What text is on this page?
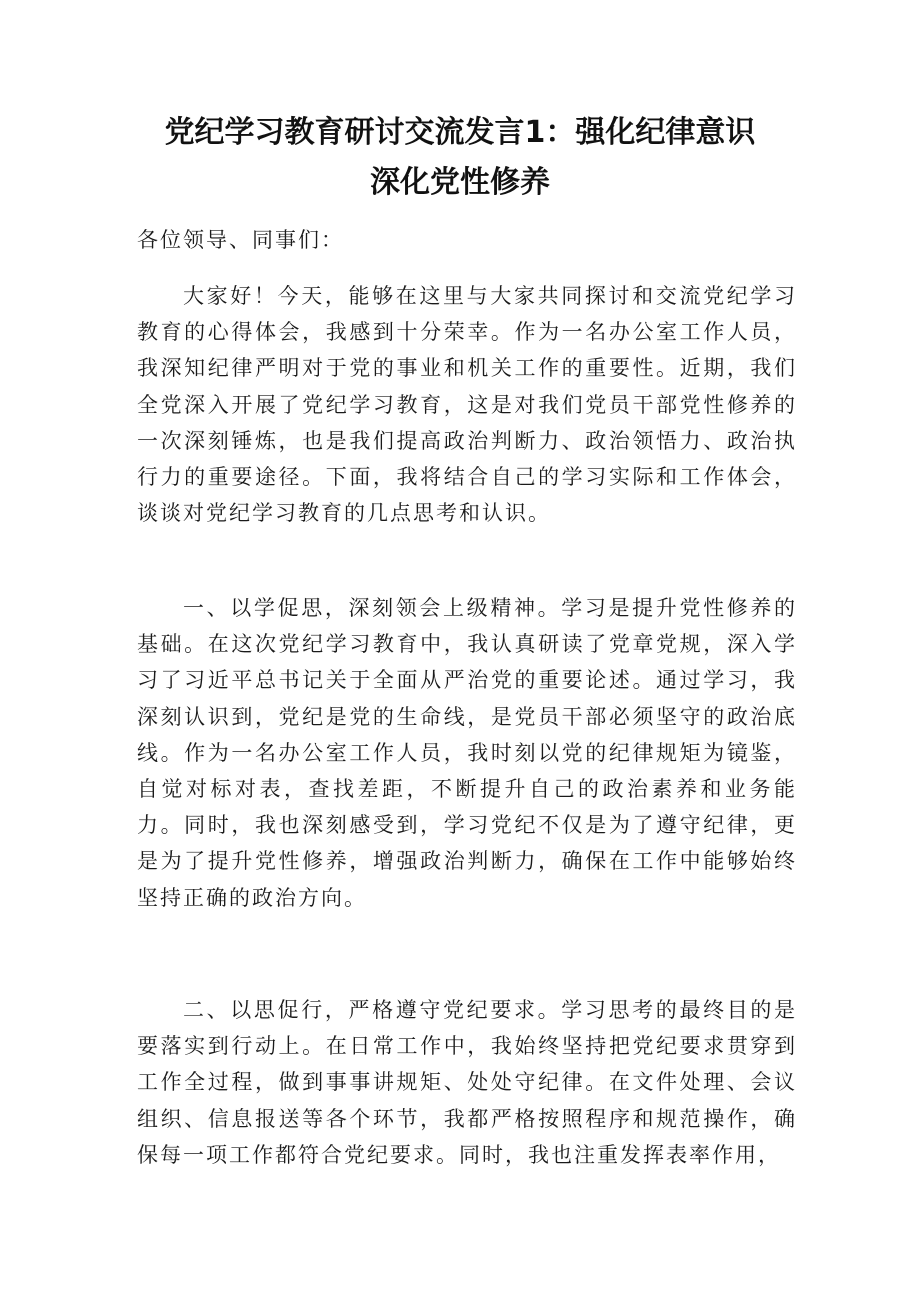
党纪学习教育研讨交流发言1：强化纪律意识
深化党性修养
各位领导、同事们：
大家好！今天，能够在这里与大家共同探讨和交流党纪学习教育的心得体会，我感到十分荣幸。作为一名办公室工作人员，我深知纪律严明对于党的事业和机关工作的重要性。近期，我们全党深入开展了党纪学习教育，这是对我们党员干部党性修养的一次深刻锤炼，也是我们提高政治判断力、政治领悟力、政治执行力的重要途径。下面，我将结合自己的学习实际和工作体会，谈谈对党纪学习教育的几点思考和认识。
一、以学促思，深刻领会上级精神。学习是提升党性修养的基础。在这次党纪学习教育中，我认真研读了党章党规，深入学习了习近平总书记关于全面从严治党的重要论述。通过学习，我深刻认识到，党纪是党的生命线，是党员干部必须坚守的政治底线。作为一名办公室工作人员，我时刻以党的纪律规矩为镜鉴，自觉对标对表，查找差距，不断提升自己的政治素养和业务能力。同时，我也深刻感受到，学习党纪不仅是为了遵守纪律，更是为了提升党性修养，增强政治判断力，确保在工作中能够始终坚持正确的政治方向。
二、以思促行，严格遵守党纪要求。学习思考的最终目的是要落实到行动上。在日常工作中，我始终坚持把党纪要求贯穿到工作全过程，做到事事讲规矩、处处守纪律。在文件处理、会议组织、信息报送等各个环节，我都严格按照程序和规范操作，确保每一项工作都符合党纪要求。同时，我也注重发挥表率作用，
